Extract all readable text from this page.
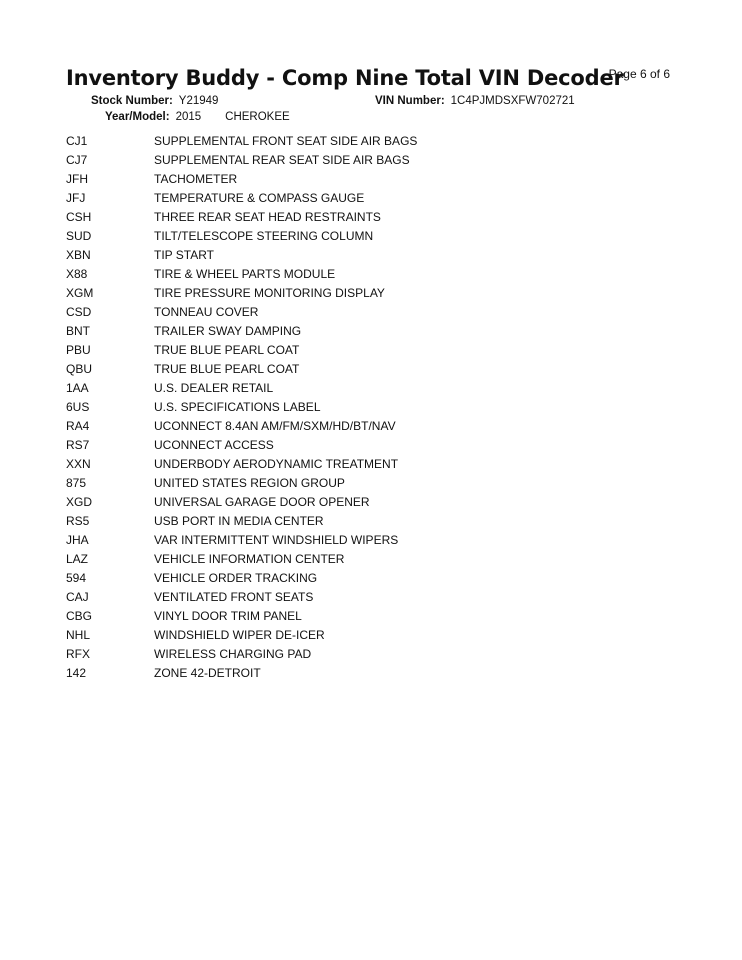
Inventory Buddy - Comp Nine Total VIN Decoder
Page 6 of 6
Stock Number: Y21949	VIN Number: 1C4PJMDSXFW702721
Year/Model: 2015 CHEROKEE
CJ1	SUPPLEMENTAL FRONT SEAT SIDE AIR BAGS
CJ7	SUPPLEMENTAL REAR SEAT SIDE AIR BAGS
JFH	TACHOMETER
JFJ	TEMPERATURE & COMPASS GAUGE
CSH	THREE REAR SEAT HEAD RESTRAINTS
SUD	TILT/TELESCOPE STEERING COLUMN
XBN	TIP START
X88	TIRE & WHEEL PARTS MODULE
XGM	TIRE PRESSURE MONITORING DISPLAY
CSD	TONNEAU COVER
BNT	TRAILER SWAY DAMPING
PBU	TRUE BLUE PEARL COAT
QBU	TRUE BLUE PEARL COAT
1AA	U.S. DEALER RETAIL
6US	U.S. SPECIFICATIONS LABEL
RA4	UCONNECT 8.4AN AM/FM/SXM/HD/BT/NAV
RS7	UCONNECT ACCESS
XXN	UNDERBODY AERODYNAMIC TREATMENT
875	UNITED STATES REGION GROUP
XGD	UNIVERSAL GARAGE DOOR OPENER
RS5	USB PORT IN MEDIA CENTER
JHA	VAR INTERMITTENT WINDSHIELD WIPERS
LAZ	VEHICLE INFORMATION CENTER
594	VEHICLE ORDER TRACKING
CAJ	VENTILATED FRONT SEATS
CBG	VINYL DOOR TRIM PANEL
NHL	WINDSHIELD WIPER DE-ICER
RFX	WIRELESS CHARGING PAD
142	ZONE 42-DETROIT
